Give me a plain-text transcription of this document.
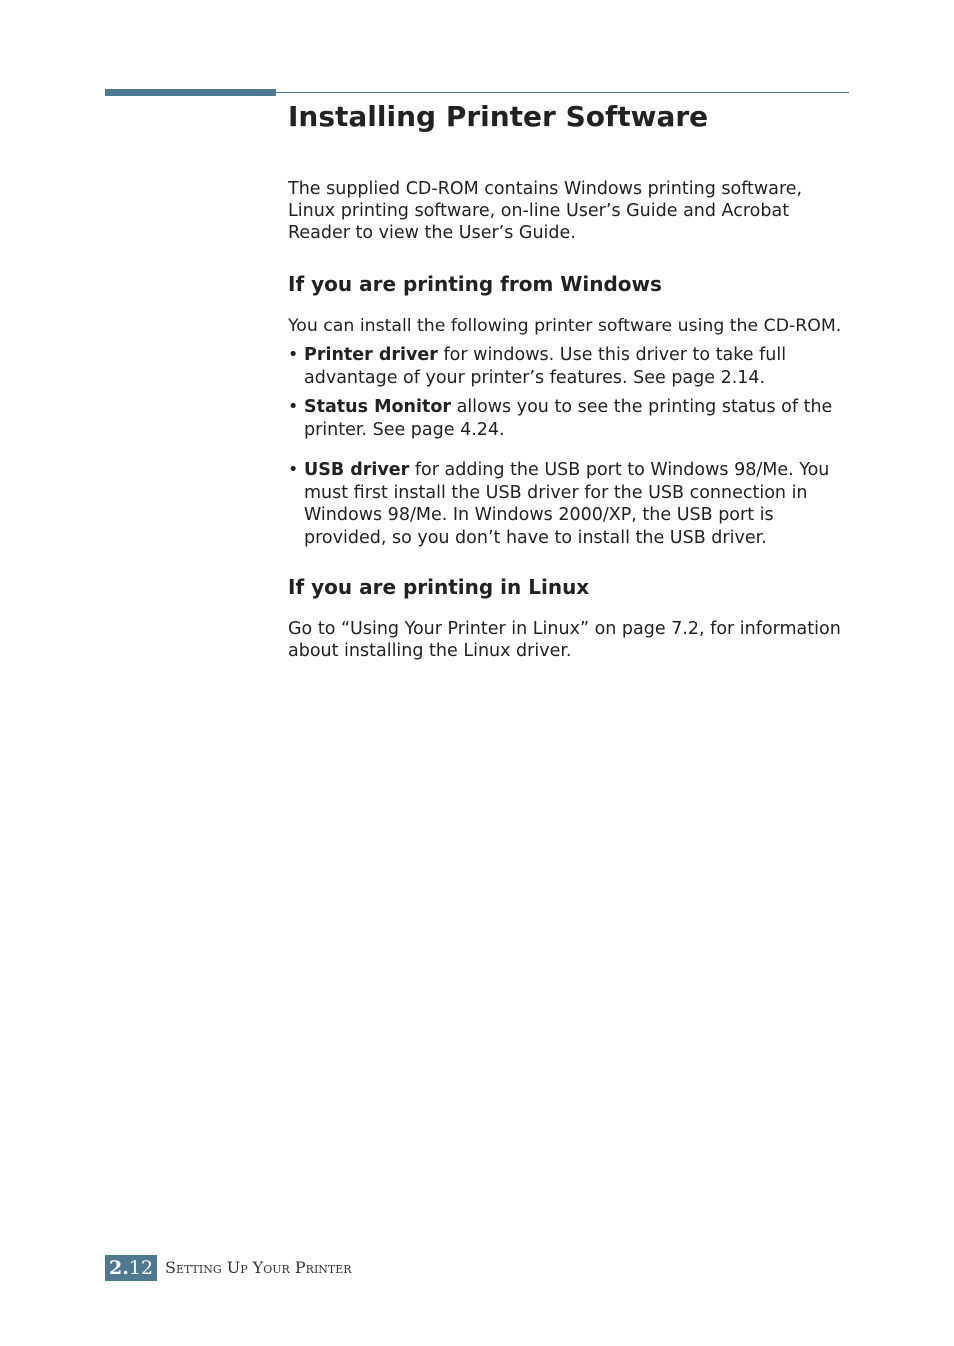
Installing Printer Software

The supplied CD-ROM contains Windows printing software, Linux printing software, on-line User’s Guide and Acrobat Reader to view the User’s Guide.

If you are printing from Windows

You can install the following printer software using the CD-ROM.

• Printer driver for windows. Use this driver to take full advantage of your printer’s features. See page 2.14.
• Status Monitor allows you to see the printing status of the printer. See page 4.24.
• USB driver for adding the USB port to Windows 98/Me. You must first install the USB driver for the USB connection in Windows 98/Me. In Windows 2000/XP, the USB port is provided, so you don’t have to install the USB driver.
If you are printing in Linux

Go to “Using Your Printer in Linux” on page 7.2, for information about installing the Linux driver.

2.12 Setting Up Your Printer
